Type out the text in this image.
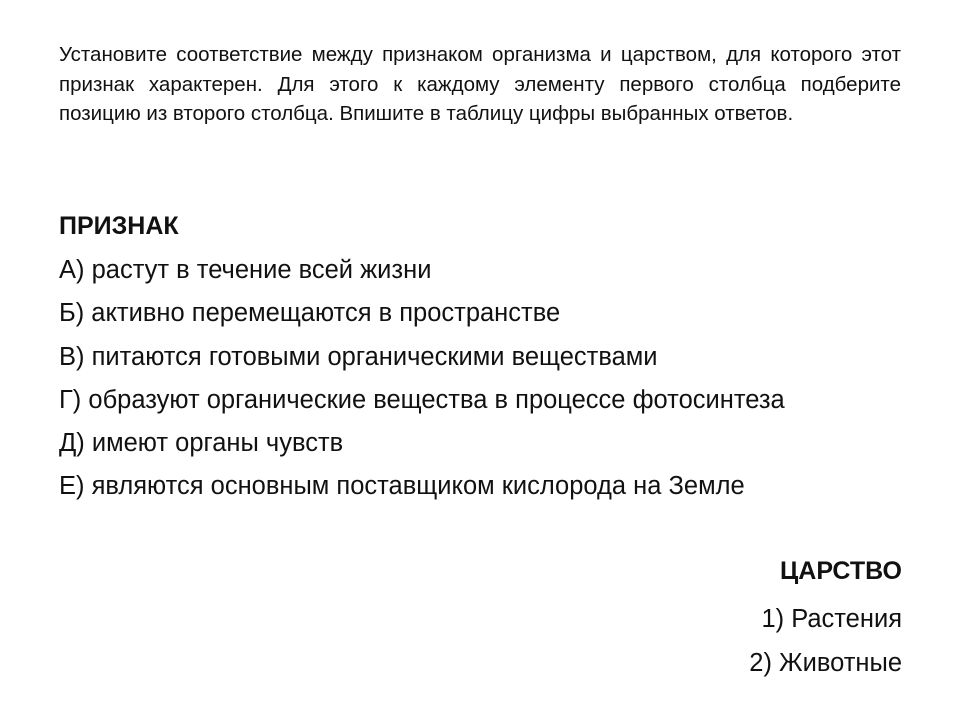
Установите соответствие между признаком организма и царством, для которого этот признак характерен. Для этого к каждому элементу первого столбца подберите позицию из второго столбца. Впишите в таблицу цифры выбранных ответов.

ПРИЗНАК
А) растут в течение всей жизни
Б) активно перемещаются в пространстве
В) питаются готовыми органическими веществами
Г) образуют органические вещества в процессе фотосинтеза
Д) имеют органы чувств
Е) являются основным поставщиком кислорода на Земле
ЦАРСТВО
1) Растения
2) Животные
